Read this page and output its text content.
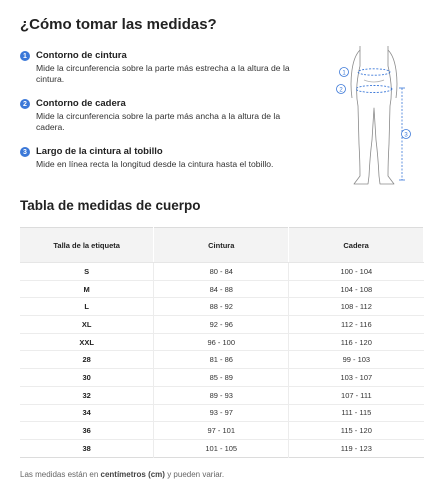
¿Cómo tomar las medidas?
1 Contorno de cintura
Mide la circunferencia sobre la parte más estrecha a la altura de la cintura.
2 Contorno de cadera
Mide la circunferencia sobre la parte más ancha a la altura de la cadera.
3 Largo de la cintura al tobillo
Mide en línea recta la longitud desde la cintura hasta el tobillo.
1
2
3
Tabla de medidas de cuerpo
Talla de la etiqueta	Cintura	Cadera
S	80 - 84	100 - 104
M	84 - 88	104 - 108
L	88 - 92	108 - 112
XL	92 - 96	112 - 116
XXL	96 - 100	116 - 120
28	81 - 86	99 - 103
30	85 - 89	103 - 107
32	89 - 93	107 - 111
34	93 - 97	111 - 115
36	97 - 101	115 - 120
38	101 - 105	119 - 123
Las medidas están en centímetros (cm) y pueden variar.
